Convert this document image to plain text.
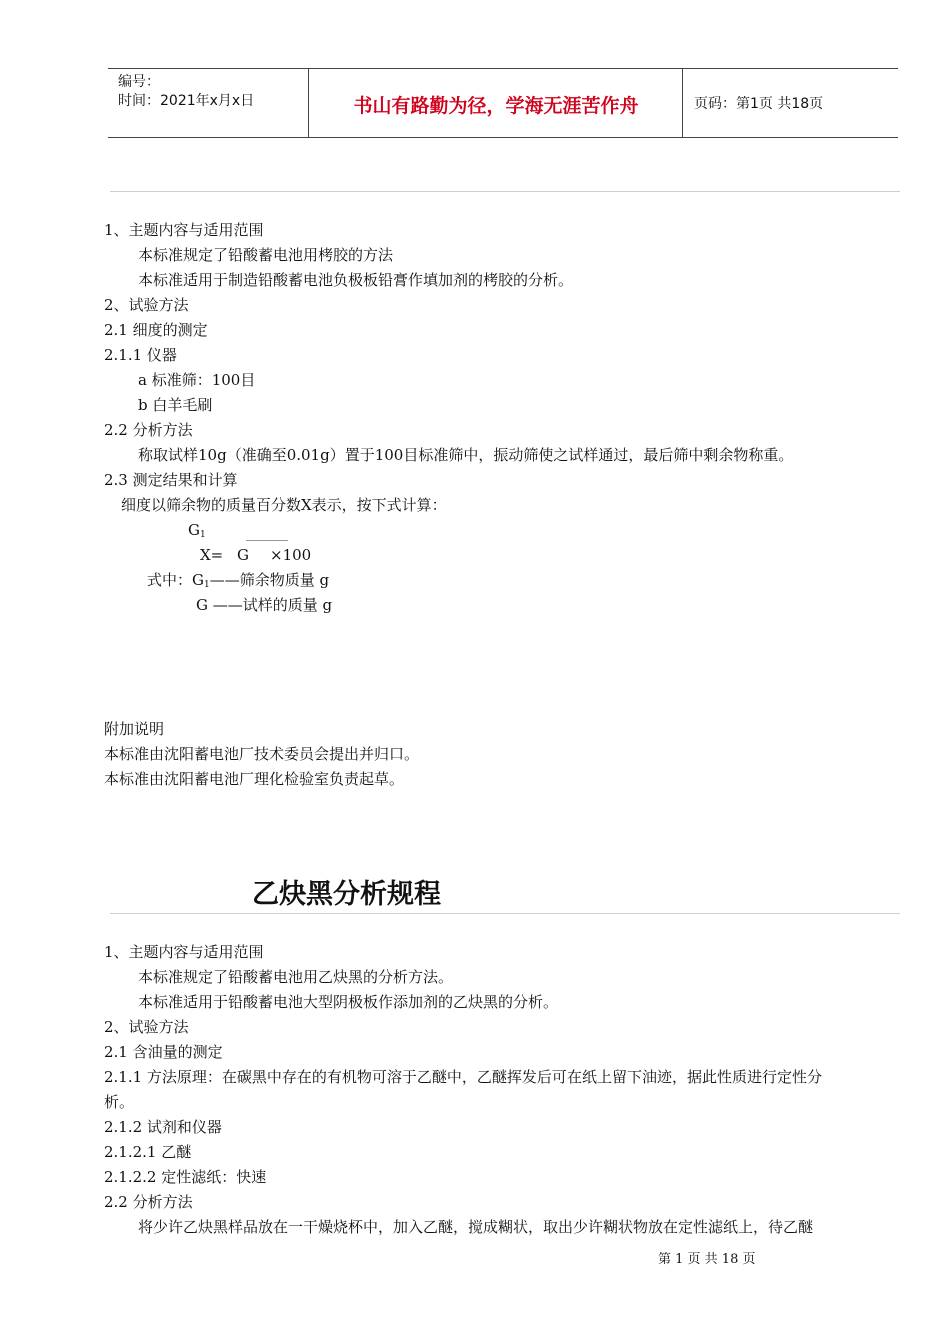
编号：
时间：2021年x月x日	书山有路勤为径，学海无涯苦作舟	页码：第1页 共18页
1、主题内容与适用范围
本标准规定了铅酸蓄电池用栲胶的方法
本标准适用于制造铅酸蓄电池负极板铅膏作填加剂的栲胶的分析。
2、试验方法
2.1 细度的测定
2.1.1 仪器
a 标准筛：100目
b 白羊毛刷
2.2 分析方法
称取试样10g（准确至0.01g）置于100目标准筛中，振动筛使之试样通过，最后筛中剩余物称重。
2.3 测定结果和计算
细度以筛余物的质量百分数X表示，按下式计算：
$G_1$
X= G ×100
式中：$G_1——$筛余物质量 g
G ——试样的质量 g
附加说明
本标准由沈阳蓄电池厂技术委员会提出并归口。
本标准由沈阳蓄电池厂理化检验室负责起草。
乙炔黑分析规程
1、主题内容与适用范围
本标准规定了铅酸蓄电池用乙炔黑的分析方法。
本标准适用于铅酸蓄电池大型阴极板作添加剂的乙炔黑的分析。
2、试验方法
2.1 含油量的测定
2.1.1 方法原理：在碳黑中存在的有机物可溶于乙醚中，乙醚挥发后可在纸上留下油迹，据此性质进行定性分
析。
2.1.2 试剂和仪器
2.1.2.1 乙醚
2.1.2.2 定性滤纸：快速
2.2 分析方法
将少许乙炔黑样品放在一干燥烧杯中，加入乙醚，搅成糊状，取出少许糊状物放在定性滤纸上，待乙醚
第 1 页 共 18 页
